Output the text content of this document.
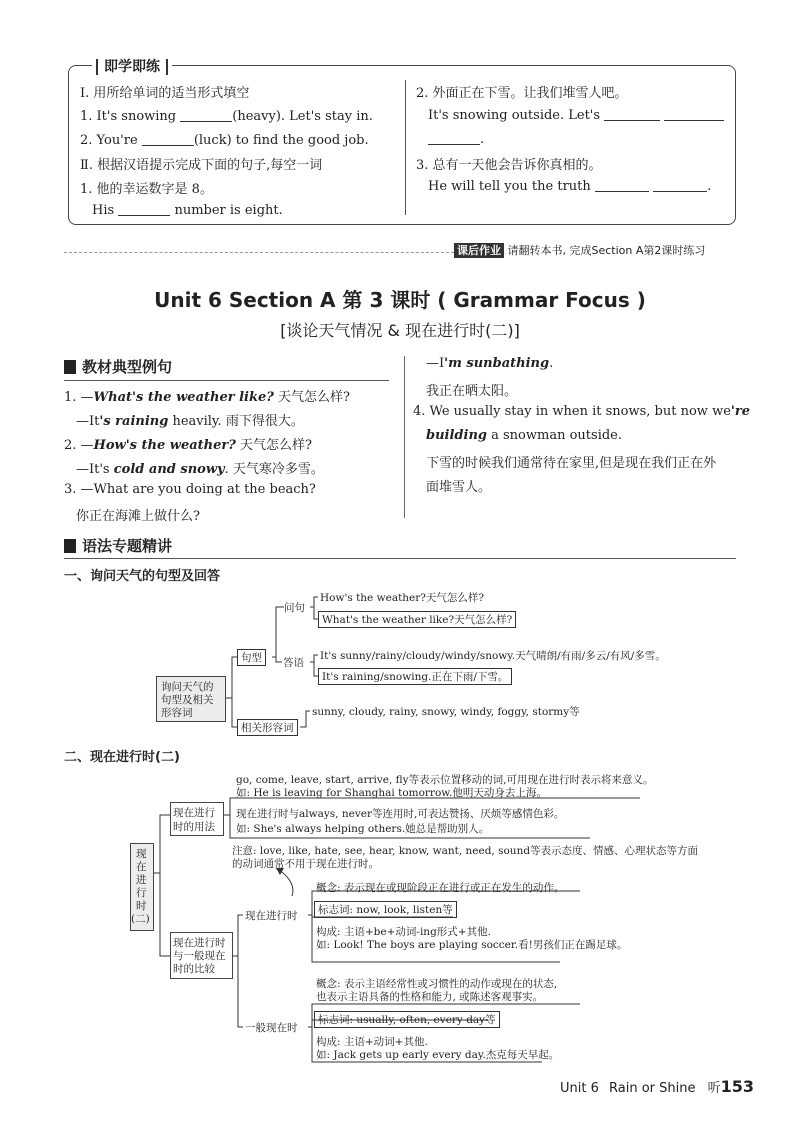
即学即练
Ⅰ. 用所给单词的适当形式填空
1. It's snowing	(heavy). Let's stay in.
2. You're	(luck) to find the good job.
Ⅱ. 根据汉语提示完成下面的句子,每空一词
1. 他的幸运数字是 8。
His	number is eight.
2. 外面正在下雪。让我们堆雪人吧。
It's snowing outside. Let's
.
3. 总有一天他会告诉你真相的。
He will tell you the truth	.
课后作业 请翻转本书, 完成Section A第2课时练习
Unit 6 Section A 第 3 课时 ( Grammar Focus )
[谈论天气情况 & 现在进行时(二)]
教材典型例句
1. —What's the weather like? 天气怎么样?
—It's raining heavily. 雨下得很大。
2. —How's the weather? 天气怎么样?
—It's cold and snowy. 天气寒冷多雪。
3. —What are you doing at the beach?
你正在海滩上做什么?
—I'm sunbathing.
我正在晒太阳。
4. We usually stay in when it snows, but now we're
building a snowman outside.
下雪的时候我们通常待在家里,但是现在我们正在外
面堆雪人。
语法专题精讲
一、询问天气的句型及回答
询问天气的
句型及相关
形容词
句型
问句
How's the weather?天气怎么样?
What's the weather like?天气怎么样?
答语
It's sunny/rainy/cloudy/windy/snowy.天气晴朗/有雨/多云/有风/多雪。
It's raining/snowing.正在下雨/下雪。
相关形容词
sunny, cloudy, rainy, snowy, windy, foggy, stormy等
二、现在进行时(二)
现
在
进
行
时
(二)
现在进行
时的用法
go, come, leave, start, arrive, fly等表示位置移动的词,可用现在进行时表示将来意义。
如: He is leaving for Shanghai tomorrow.他明天动身去上海。
现在进行时与always, never等连用时,可表达赞扬、厌烦等感情色彩。
如: She's always helping others.她总是帮助别人。
注意: love, like, hate, see, hear, know, want, need, sound等表示态度、情感、心理状态等方面
的动词通常不用于现在进行时。
现在进行时
与一般现在
时的比较
现在进行时
概念: 表示现在或现阶段正在进行或正在发生的动作。
标志词: now, look, listen等
构成: 主语+be+动词-ing形式+其他.
如: Look! The boys are playing soccer.看!男孩们正在踢足球。
一般现在时
概念: 表示主语经常性或习惯性的动作或现在的状态,
也表示主语具备的性格和能力, 或陈述客观事实。
标志词: usually, often, every day等
构成: 主语+动词+其他.
如: Jack gets up early every day.杰克每天早起。
Unit 6 Rain or Shine 听153
